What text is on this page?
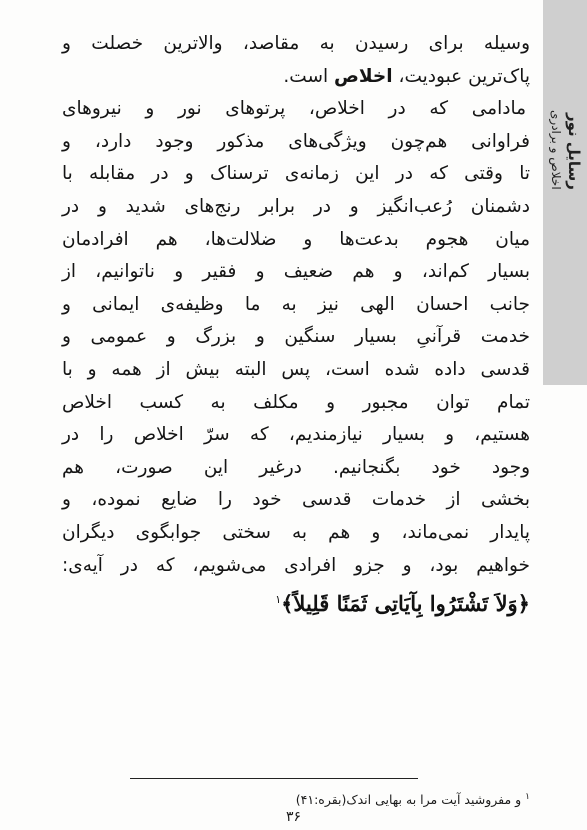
رسایل نور
اخلاص و برادری
وسیله برای رسیدن به مقاصد، والاترین خصلت و
پاک‌ترین عبودیت، اخلاص است.
مادامی که در اخلاص، پرتوهای نور و نیروهای
فراوانی هم‌چون ویژگی‌های مذکور وجود دارد، و
تا وقتی که در این زمانه‌ی ترسناک و در مقابله با
دشمنان رُعب‌انگیز و در برابر رنج‌های شدید و در
میان هجوم بدعت‌ها و ضلالت‌ها، هم افرادمان
بسیار کم‌اند، و هم ضعیف و فقیر و ناتوانیم، از
جانب احسان الهی نیز به ما وظیفه‌ی ایمانی و
خدمت قرآنیِ بسیار سنگین و بزرگ و عمومی و
قدسی داده شده است، پس البته بیش از همه و با
تمام توان مجبور و مکلف به کسب اخلاص
هستیم، و بسیار نیازمندیم، که سرّ اخلاص را در
وجود خود بگنجانیم. درغیر این صورت، هم
بخشی از خدمات قدسی خود را ضایع نموده، و
پایدار نمی‌ماند، و هم به سختی جوابگوی دیگران
خواهیم بود، و جزو افرادی می‌شویم، که در آیه‌ی:
﴿وَلاَ تَشْتَرُوا بِآيَاتِى ثَمَنًا قَلِيلاً﴾$^١$
$^١$ و مفروشید آیت مرا به بهایی اندک(بقره:۴۱)
۳۶
